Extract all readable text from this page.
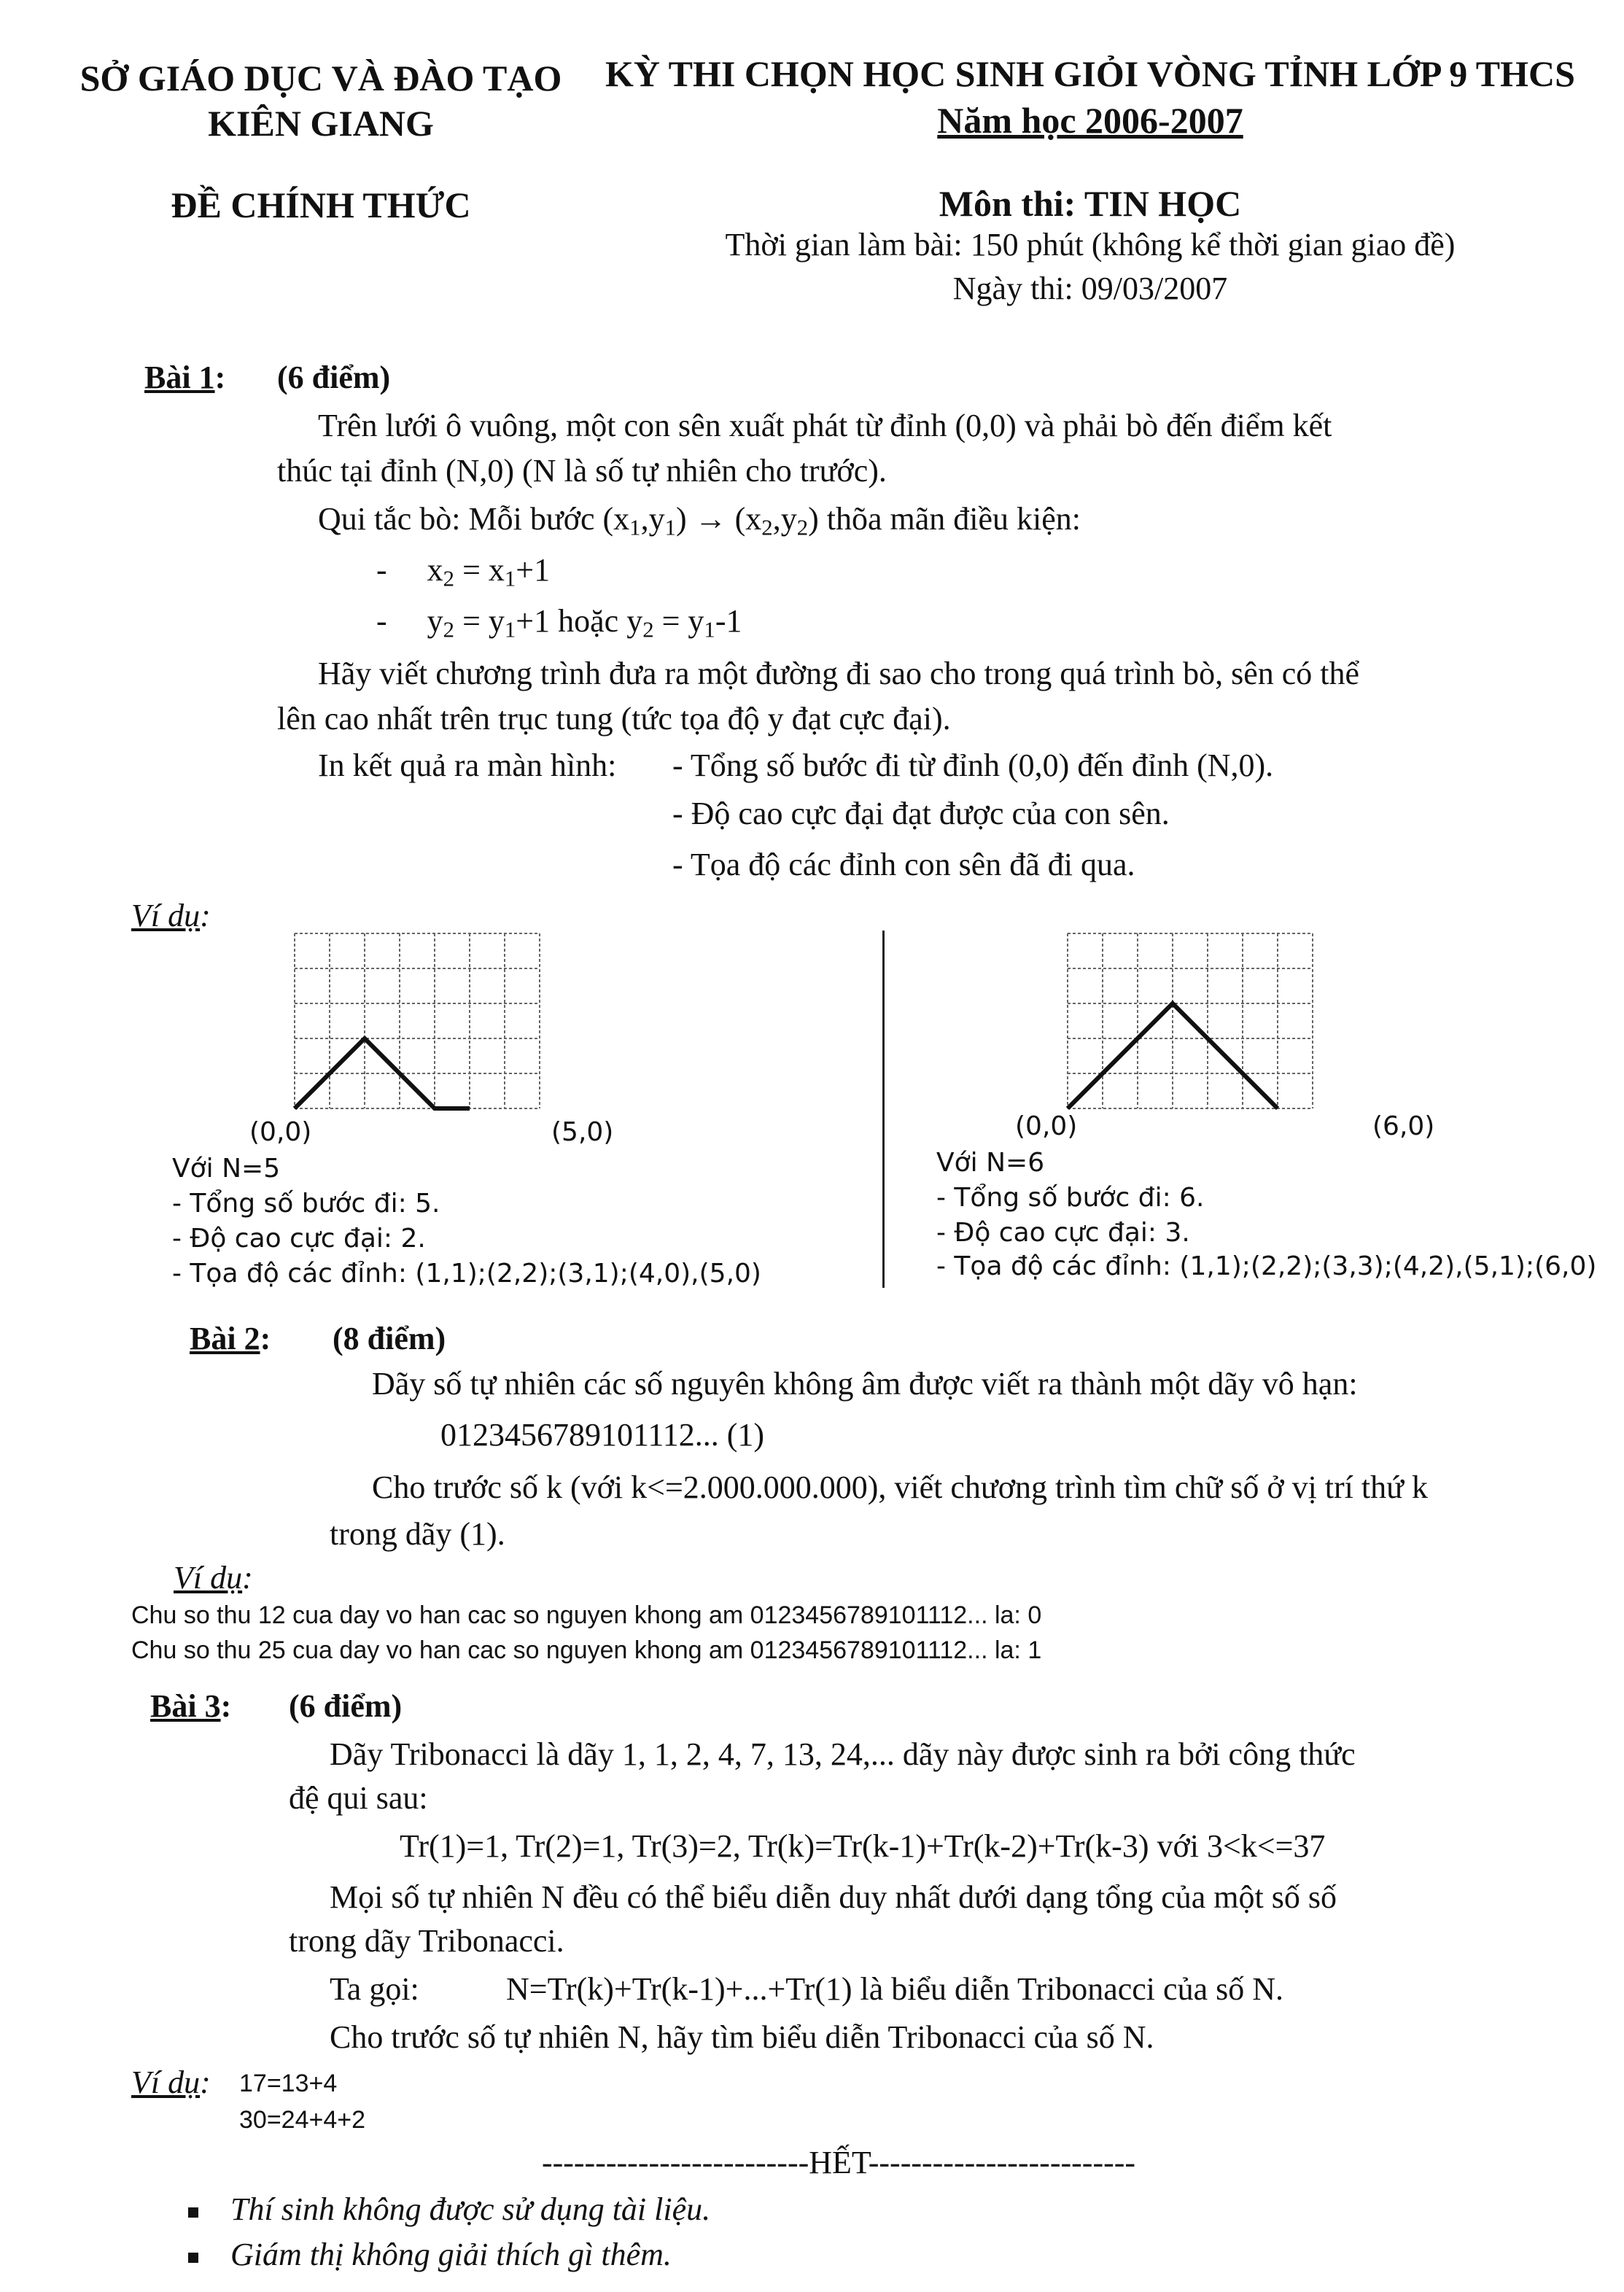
SỞ GIÁO DỤC VÀ ĐÀO TẠO
KIÊN GIANG
KỲ THI CHỌN HỌC SINH GIỎI VÒNG TỈNH LỚP 9 THCS
Năm học 2006-2007
ĐỀ CHÍNH THỨC	Môn thi: TIN HỌC
Thời gian làm bài: 150 phút (không kể thời gian giao đề)
Ngày thi: 09/03/2007
Bài 1: (6 điểm)
Trên lưới ô vuông, một con sên xuất phát từ đỉnh (0,0) và phải bò đến điểm kết
thúc tại đỉnh (N,0) (N là số tự nhiên cho trước).
Qui tắc bò: Mỗi bước $(x_1,y_1) \to (x_2,y_2)$ thõa mãn điều kiện:
-     $x_2 = x_1+1$
-     $y_2 = y_1+1$ hoặc $y_2 = y_1-1$
Hãy viết chương trình đưa ra một đường đi sao cho trong quá trình bò, sên có thể
lên cao nhất trên trục tung (tức tọa độ y đạt cực đại).
In kết quả ra màn hình: - Tổng số bước đi từ đỉnh (0,0) đến đỉnh (N,0).
- Độ cao cực đại đạt được của con sên.
- Tọa độ các đỉnh con sên đã đi qua.
Ví dụ:
(0,0)	(5,0)
Với N=5
- Tổng số bước đi: 5.
- Độ cao cực đại: 2.
- Tọa độ các đỉnh: (1,1);(2,2);(3,1);(4,0),(5,0)
(0,0)	(6,0)
Với N=6
- Tổng số bước đi: 6.
- Độ cao cực đại: 3.
- Tọa độ các đỉnh: (1,1);(2,2);(3,3);(4,2),(5,1);(6,0)
Bài 2: (8 điểm)
Dãy số tự nhiên các số nguyên không âm được viết ra thành một dãy vô hạn:
0123456789101112... (1)
Cho trước số k (với k<=2.000.000.000), viết chương trình tìm chữ số ở vị trí thứ k
trong dãy (1).
Ví dụ:
Chu so thu 12 cua day vo han cac so nguyen khong am 0123456789101112... la: 0
Chu so thu 25 cua day vo han cac so nguyen khong am 0123456789101112... la: 1
Bài 3: (6 điểm)
Dãy Tribonacci là dãy 1, 1, 2, 4, 7, 13, 24,... dãy này được sinh ra bởi công thức
đệ qui sau:
Tr(1)=1, Tr(2)=1, Tr(3)=2, Tr(k)=Tr(k-1)+Tr(k-2)+Tr(k-3) với 3<k<=37
Mọi số tự nhiên N đều có thể biểu diễn duy nhất dưới dạng tổng của một số số
trong dãy Tribonacci.
Ta gọi:	N=Tr(k)+Tr(k-1)+...+Tr(1) là biểu diễn Tribonacci của số N.
Cho trước số tự nhiên N, hãy tìm biểu diễn Tribonacci của số N.
Ví dụ: 17=13+4
30=24+4+2
-------------------------HẾT-------------------------
Thí sinh không được sử dụng tài liệu.
Giám thị không giải thích gì thêm.
